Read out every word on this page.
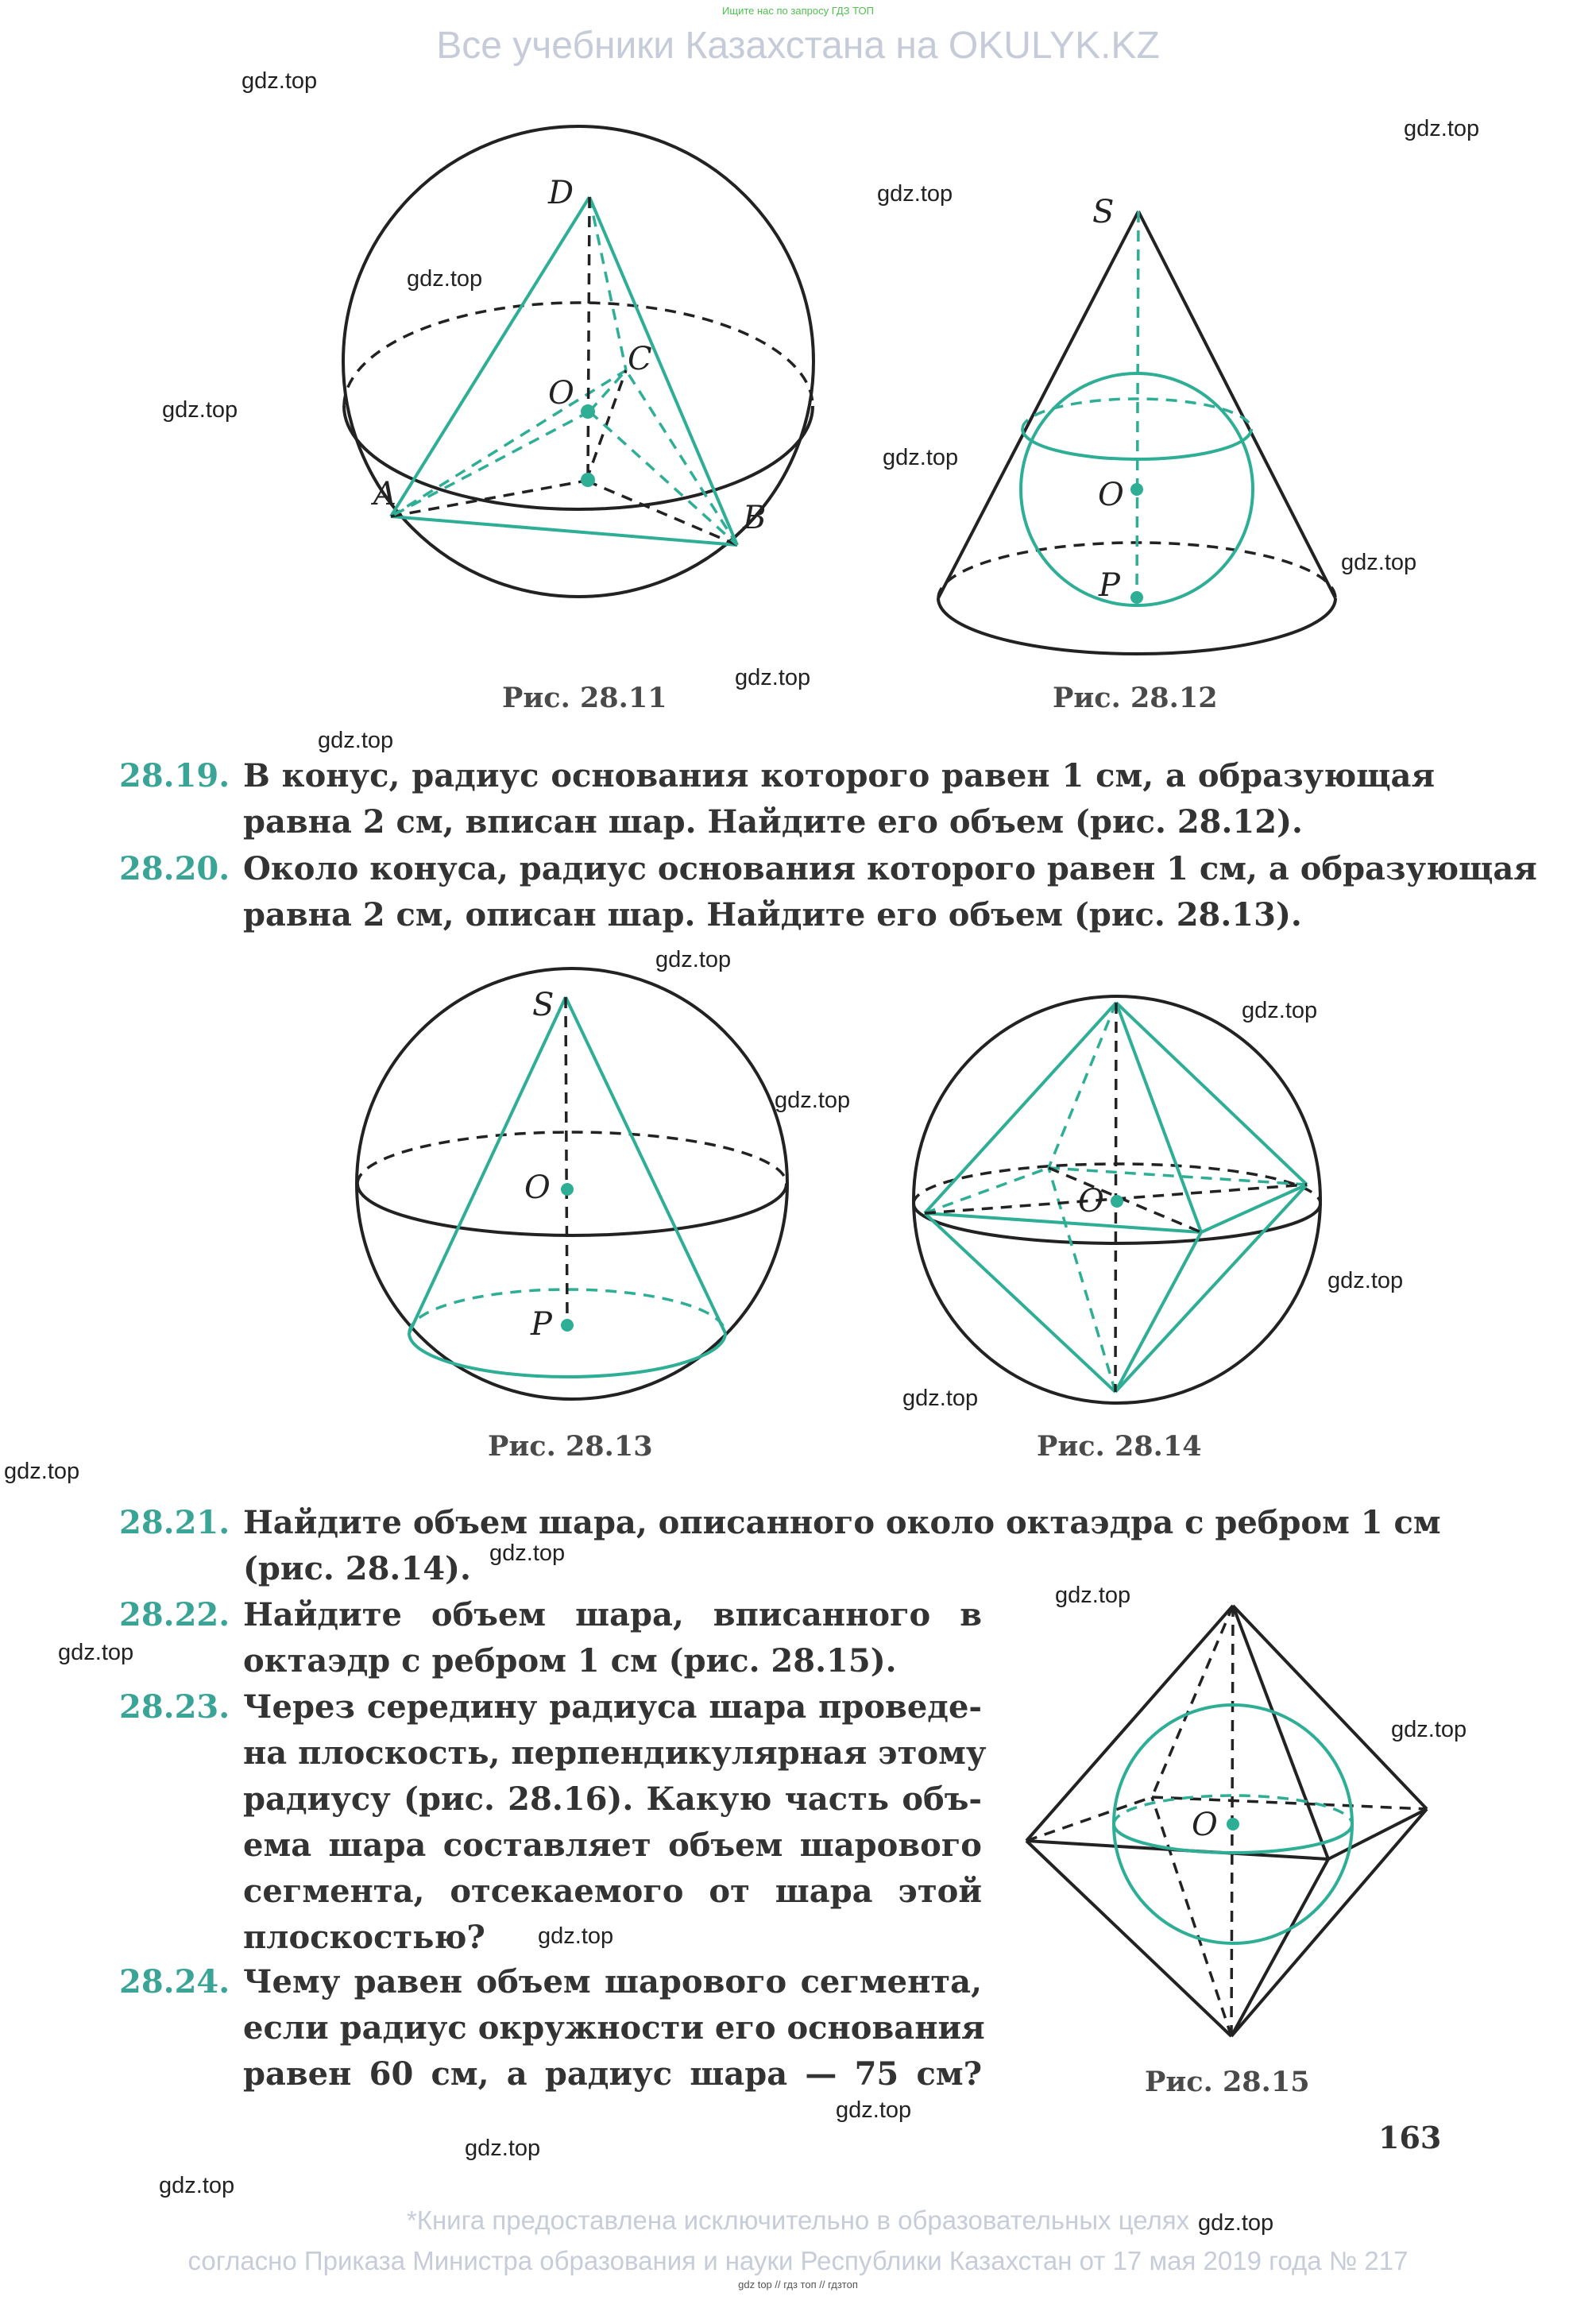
Ищите нас по запросу ГДЗ ТОП
Все учебники Казахстана на OKULYK.KZ
D
C
O
A
B
S
O
P
S
O
P
O
O
Рис. 28.11	Рис. 28.12
Рис. 28.13	Рис. 28.14
Рис. 28.15
28.19. В конус, радиус основания которого равен 1 см, а образующая
равна 2 см, вписан шар. Найдите его объем (рис. 28.12).
28.20. Около конуса, радиус основания которого равен 1 см, а образующая
равна 2 см, описан шар. Найдите его объем (рис. 28.13).
28.21. Найдите объем шара, описанного около октаэдра с ребром 1 см
(рис. 28.14).
28.22. Найдите объем шара, вписанного в
октаэдр с ребром 1 см (рис. 28.15).
28.23. Через середину радиуса шара проведе-
на плоскость, перпендикулярная этому
радиусу (рис. 28.16). Какую часть объ-
ема шара составляет объем шарового
сегмента, отсекаемого от шара этой
плоскостью?
28.24. Чему равен объем шарового сегмента,
если радиус окружности его основания
равен 60 см, а радиус шара — 75 см?
163
gdz.top
gdz.top
gdz.top
gdz.top
gdz.top
gdz.top
gdz.top
gdz.top
gdz.top
gdz.top
gdz.top
gdz.top
gdz.top
gdz.top
gdz.top
gdz.top
gdz.top
gdz.top
gdz.top
gdz.top
gdz.top
gdz.top
gdz.top
gdz.top
*Книга предоставлена исключительно в образовательных целях
согласно Приказа Министра образования и науки Республики Казахстан от 17 мая 2019 года № 217
gdz top // гдз топ // гдзтоп
